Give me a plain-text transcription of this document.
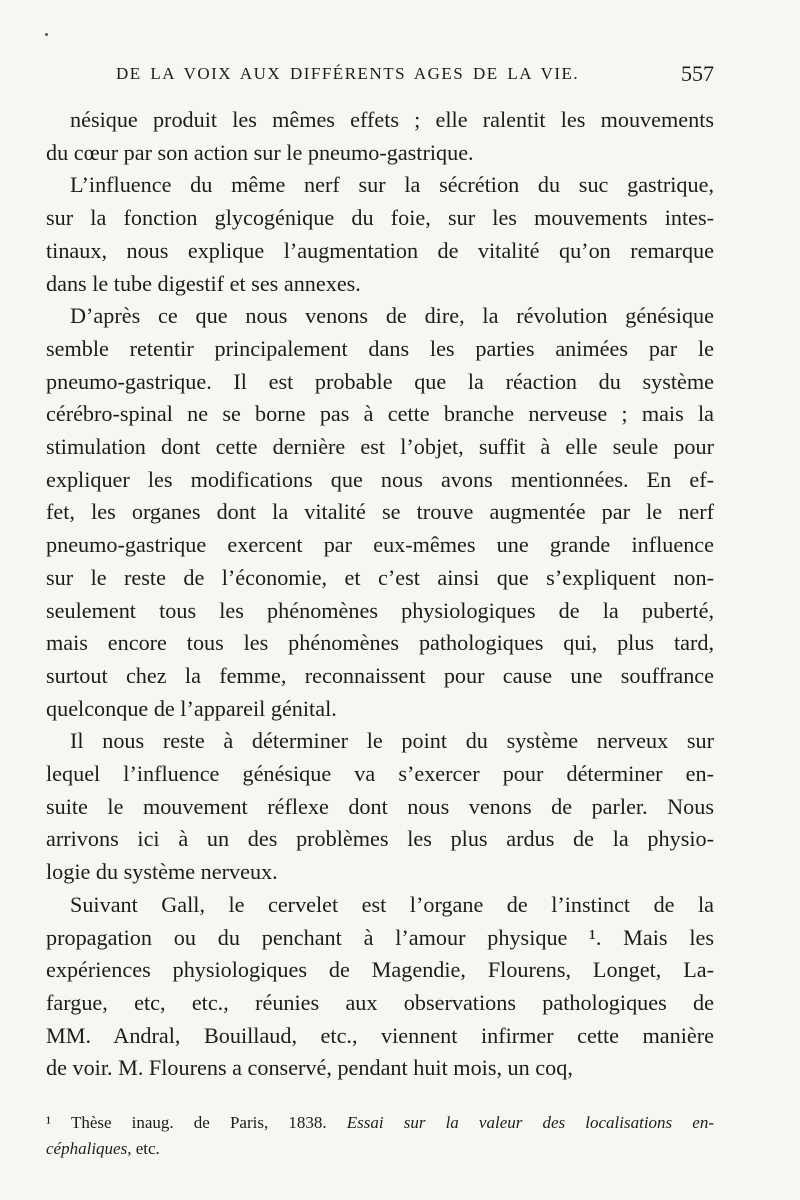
DE LA VOIX AUX DIFFÉRENTS AGES DE LA VIE.	557

nésique produit les mêmes effets ; elle ralentit les mouvements
du cœur par son action sur le pneumo-gastrique.

L’influence du même nerf sur la sécrétion du suc gastrique,
sur la fonction glycogénique du foie, sur les mouvements intes-
tinaux, nous explique l’augmentation de vitalité qu’on remarque
dans le tube digestif et ses annexes.

D’après ce que nous venons de dire, la révolution génésique
semble retentir principalement dans les parties animées par le
pneumo-gastrique. Il est probable que la réaction du système
cérébro-spinal ne se borne pas à cette branche nerveuse ; mais la
stimulation dont cette dernière est l’objet, suffit à elle seule pour
expliquer les modifications que nous avons mentionnées. En ef-
fet, les organes dont la vitalité se trouve augmentée par le nerf
pneumo-gastrique exercent par eux-mêmes une grande influence
sur le reste de l’économie, et c’est ainsi que s’expliquent non-
seulement tous les phénomènes physiologiques de la puberté,
mais encore tous les phénomènes pathologiques qui, plus tard,
surtout chez la femme, reconnaissent pour cause une souffrance
quelconque de l’appareil génital.

Il nous reste à déterminer le point du système nerveux sur
lequel l’influence génésique va s’exercer pour déterminer en-
suite le mouvement réflexe dont nous venons de parler. Nous
arrivons ici à un des problèmes les plus ardus de la physio-
logie du système nerveux.

Suivant Gall, le cervelet est l’organe de l’instinct de la
propagation ou du penchant à l’amour physique ¹. Mais les
expériences physiologiques de Magendie, Flourens, Longet, La-
fargue, etc, etc., réunies aux observations pathologiques de
MM. Andral, Bouillaud, etc., viennent infirmer cette manière
de voir. M. Flourens a conservé, pendant huit mois, un coq,

¹ Thèse inaug. de Paris, 1838. Essai sur la valeur des localisations en-
céphaliques, etc.
